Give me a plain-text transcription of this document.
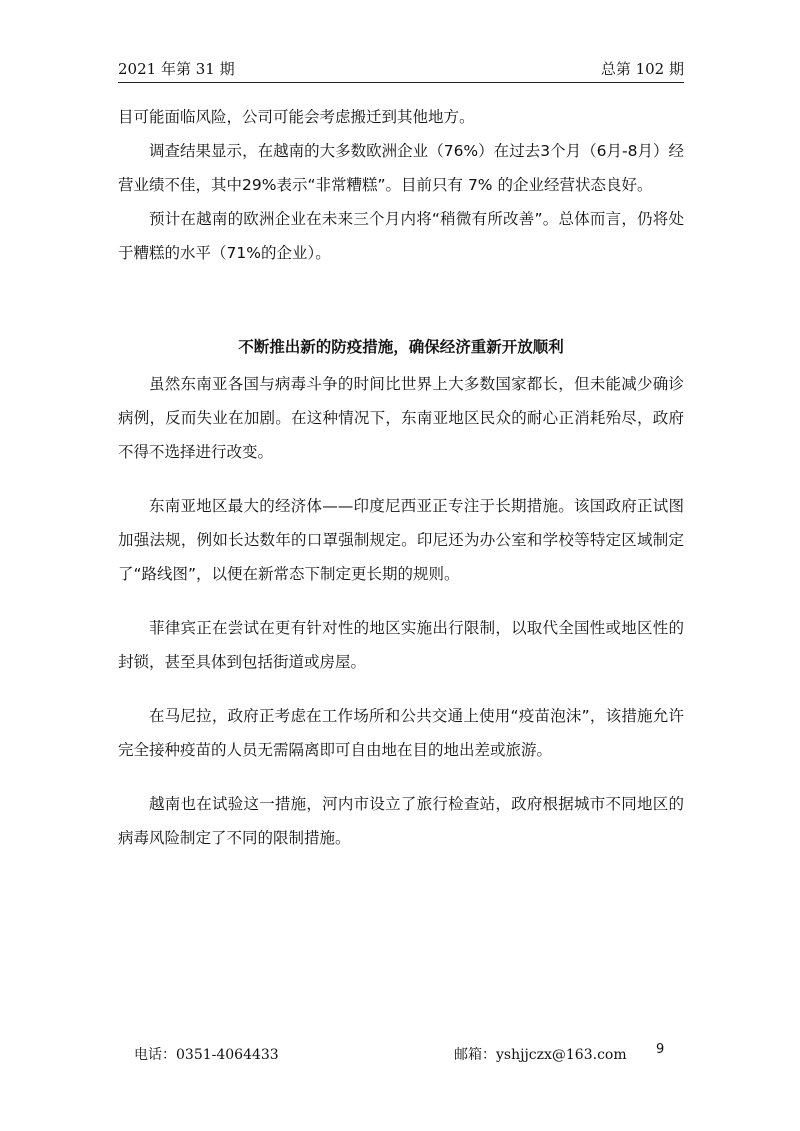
2021 年第 31 期	总第 102 期

目可能面临风险，公司可能会考虑搬迁到其他地方。

调查结果显示，在越南的大多数欧洲企业（76%）在过去3个月（6月-8月）经营业绩不佳，其中29%表示“非常糟糕”。目前只有 7% 的企业经营状态良好。

预计在越南的欧洲企业在未来三个月内将“稍微有所改善”。总体而言，仍将处于糟糕的水平（71%的企业）。

不断推出新的防疫措施，确保经济重新开放顺利

虽然东南亚各国与病毒斗争的时间比世界上大多数国家都长，但未能减少确诊病例，反而失业在加剧。在这种情况下，东南亚地区民众的耐心正消耗殆尽，政府不得不选择进行改变。

东南亚地区最大的经济体——印度尼西亚正专注于长期措施。该国政府正试图加强法规，例如长达数年的口罩强制规定。印尼还为办公室和学校等特定区域制定了“路线图”，以便在新常态下制定更长期的规则。

菲律宾正在尝试在更有针对性的地区实施出行限制，以取代全国性或地区性的封锁，甚至具体到包括街道或房屋。

在马尼拉，政府正考虑在工作场所和公共交通上使用“疫苗泡沫”，该措施允许完全接种疫苗的人员无需隔离即可自由地在目的地出差或旅游。

越南也在试验这一措施，河内市设立了旅行检查站，政府根据城市不同地区的病毒风险制定了不同的限制措施。

电话：0351-4064433	邮箱：yshjjczx@163.com 9
